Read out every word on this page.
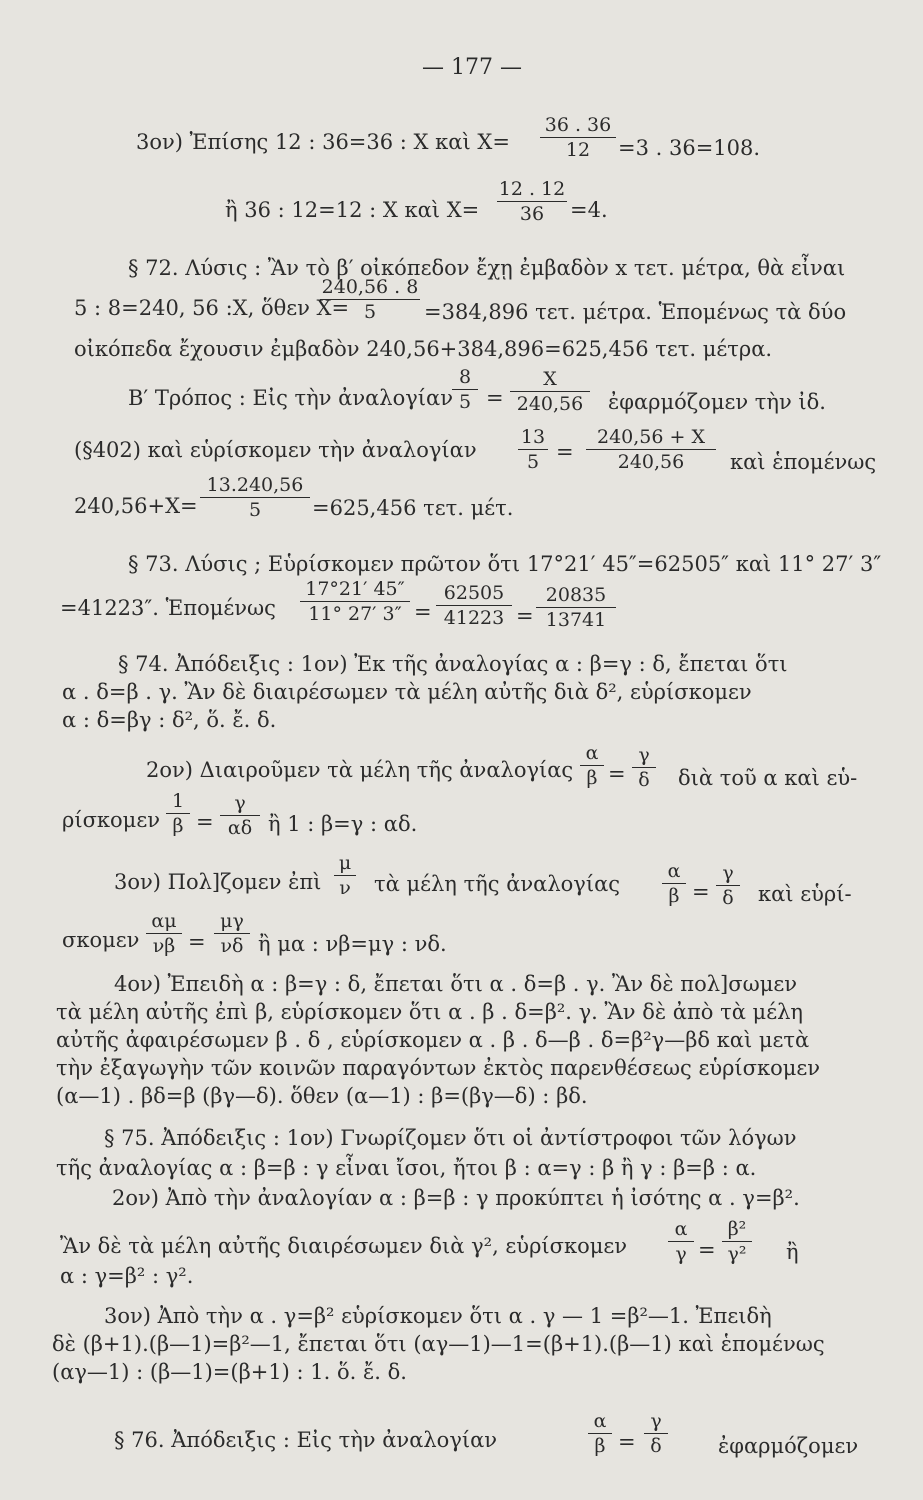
— 177 —
3ον) Ἐπίσης 12 : 36=36 : Χ καὶ Χ=
36 . 36
12	=3 . 36=108.
ἢ 36 : 12=12 : Χ καὶ Χ=
12 . 12
36	=4.
§ 72. Λύσις : Ἂν τὸ β′ οἰκόπεδον ἔχῃ ἐμβαδὸν x τετ. μέτρα, θὰ εἶναι
5 : 8=240, 56 :Χ, ὅθεν Χ=
240,56 . 8
5	=384,896 τετ. μέτρα. Ἑπομένως τὰ δύο
οἰκόπεδα ἔχουσιν ἐμβαδὸν 240,56+384,896=625,456 τετ. μέτρα.
Β′ Τρόπος : Εἰς τὴν ἀναλογίαν
8
5 =
X
240,56	ἐφαρμόζομεν τὴν ἰδ.
(§402) καὶ εὑρίσκομεν τὴν ἀναλογίαν
13
5 =
240,56 + X
240,56	καὶ ἑπομένως
240,56+Χ=
13.240,56
5	=625,456 τετ. μέτ.
§ 73. Λύσις ; Εὑρίσκομεν πρῶτον ὅτι 17°21′ 45″=62505″ καὶ 11° 27′ 3″
=41223″. Ἑπομένως
17°21′ 45″
11° 27′ 3″ =
62505
41223 =
20835
13741
§ 74. Ἀπόδειξις : 1ον) Ἐκ τῆς ἀναλογίας α : β=γ : δ, ἔπεται ὅτι
α . δ=β . γ. Ἂν δὲ διαιρέσωμεν τὰ μέλη αὐτῆς διὰ δ², εὑρίσκομεν
α : δ=βγ : δ², ὅ. ἔ. δ.
2ον) Διαιροῦμεν τὰ μέλη τῆς ἀναλογίας
α
β =
γ
δ διὰ τοῦ α καὶ εὑ-
ρίσκομεν
1
β =
γ
αδ ἢ 1 : β=γ : αδ.
3ον) Πολ]ζομεν ἐπὶ
μ
ν τὰ μέλη τῆς ἀναλογίας
α
β =
γ
δ καὶ εὑρί-
σκομεν
αμ
νβ =
μγ
νδ ἢ μα : νβ=μγ : νδ.
4ον) Ἐπειδὴ α : β=γ : δ, ἔπεται ὅτι α . δ=β . γ. Ἂν δὲ πολ]σωμεν
τὰ μέλη αὐτῆς ἐπὶ β, εὑρίσκομεν ὅτι α . β . δ=β². γ. Ἂν δὲ ἀπὸ τὰ μέλη
αὐτῆς ἀφαιρέσωμεν β . δ , εὑρίσκομεν α . β . δ—β . δ=β²γ—βδ καὶ μετὰ
τὴν ἐξαγωγὴν τῶν κοινῶν παραγόντων ἐκτὸς παρενθέσεως εὑρίσκομεν
(α—1) . βδ=β (βγ—δ). ὅθεν (α—1) : β=(βγ—δ) : βδ.
§ 75. Ἀπόδειξις : 1ον) Γνωρίζομεν ὅτι οἱ ἀντίστροφοι τῶν λόγων
τῆς ἀναλογίας α : β=β : γ εἶναι ἴσοι, ἤτοι β : α=γ : β ἢ γ : β=β : α.
2ον) Ἀπὸ τὴν ἀναλογίαν α : β=β : γ προκύπτει ἡ ἰσότης α . γ=β².
Ἂν δὲ τὰ μέλη αὐτῆς διαιρέσωμεν διὰ γ², εὑρίσκομεν
α
γ =
β²
γ² ἢ
α : γ=β² : γ².
3ον) Ἀπὸ τὴν α . γ=β² εὑρίσκομεν ὅτι α . γ — 1 =β²—1. Ἐπειδὴ
δὲ (β+1).(β—1)=β²—1, ἔπεται ὅτι (αγ—1)—1=(β+1).(β—1) καὶ ἑπομένως
(αγ—1) : (β—1)=(β+1) : 1. ὅ. ἔ. δ.
§ 76. Ἀπόδειξις : Εἰς τὴν ἀναλογίαν
α
β =
γ
δ	ἐφαρμόζομεν
